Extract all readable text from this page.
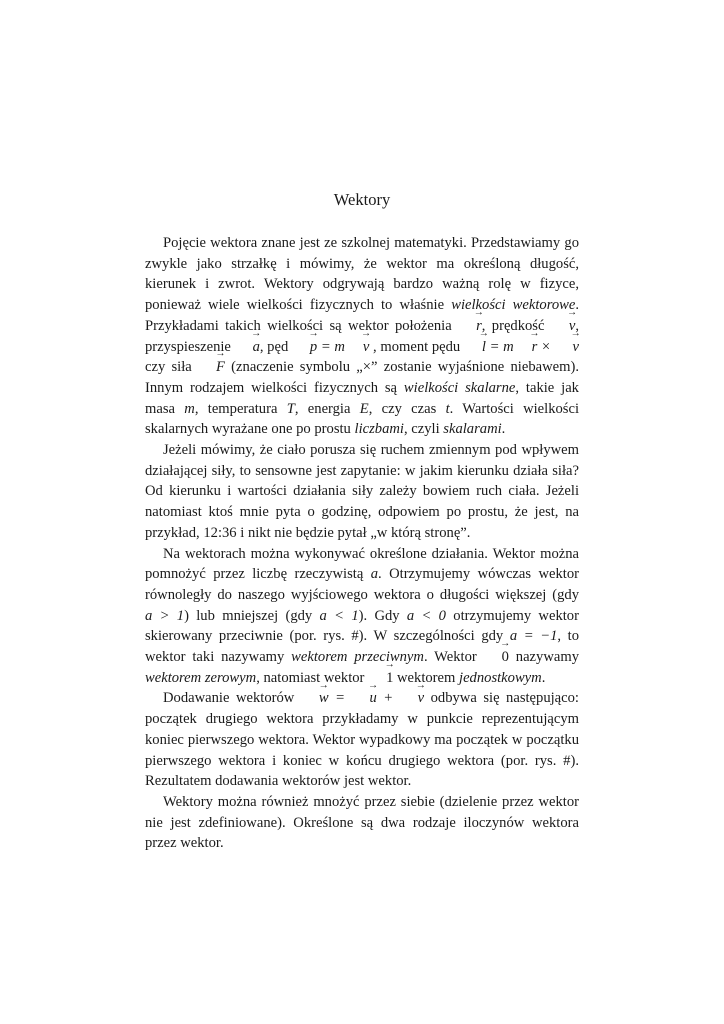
Wektory

Pojęcie wektora znane jest ze szkolnej matematyki. Przedstawiamy go zwykle jako strzałkę i mówimy, że wektor ma określoną długość, kierunek i zwrot. Wektory odgrywają bardzo ważną rolę w fizyce, ponieważ wiele wielkości fizycznych to właśnie wielkości wektorowe. Przykładami takich wielkości są wektor położenia r →, prędkość v →, przyspieszenie a →, pęd p → = m v → , moment pędu l → = m r → × v → czy siła F → (znaczenie symbolu „×” zostanie wyjaśnione niebawem). Innym rodzajem wielkości fizycznych są wielkości skalarne, takie jak masa m, temperatura T, energia E, czy czas t. Wartości wielkości skalarnych wyrażane one po prostu liczbami, czyli skalarami.

Jeżeli mówimy, że ciało porusza się ruchem zmiennym pod wpływem działającej siły, to sensowne jest zapytanie: w jakim kierunku działa siła? Od kierunku i wartości działania siły zależy bowiem ruch ciała. Jeżeli natomiast ktoś mnie pyta o godzinę, odpowiem po prostu, że jest, na przykład, 12:36 i nikt nie będzie pytał „w którą stronę”.

Na wektorach można wykonywać określone działania. Wektor można pomnożyć przez liczbę rzeczywistą a. Otrzymujemy wówczas wektor równoległy do naszego wyjściowego wektora o długości większej (gdy a > 1) lub mniejszej (gdy a < 1). Gdy a < 0 otrzymujemy wektor skierowany przeciwnie (por. rys. #). W szczególności gdy a = −1, to wektor taki nazywamy wektorem przeciwnym. Wektor 0 → nazywamy wektorem zerowym, natomiast wektor 1 → wektorem jednostkowym.

Dodawanie wektorów w → = u → + v → odbywa się następująco: początek drugiego wektora przykładamy w punkcie reprezentującym koniec pierwszego wektora. Wektor wypadkowy ma początek w początku pierwszego wektora i koniec w końcu drugiego wektora (por. rys. #). Rezultatem dodawania wektorów jest wektor.

Wektory można również mnożyć przez siebie (dzielenie przez wektor nie jest zdefiniowane). Określone są dwa rodzaje iloczynów wektora przez wektor.
